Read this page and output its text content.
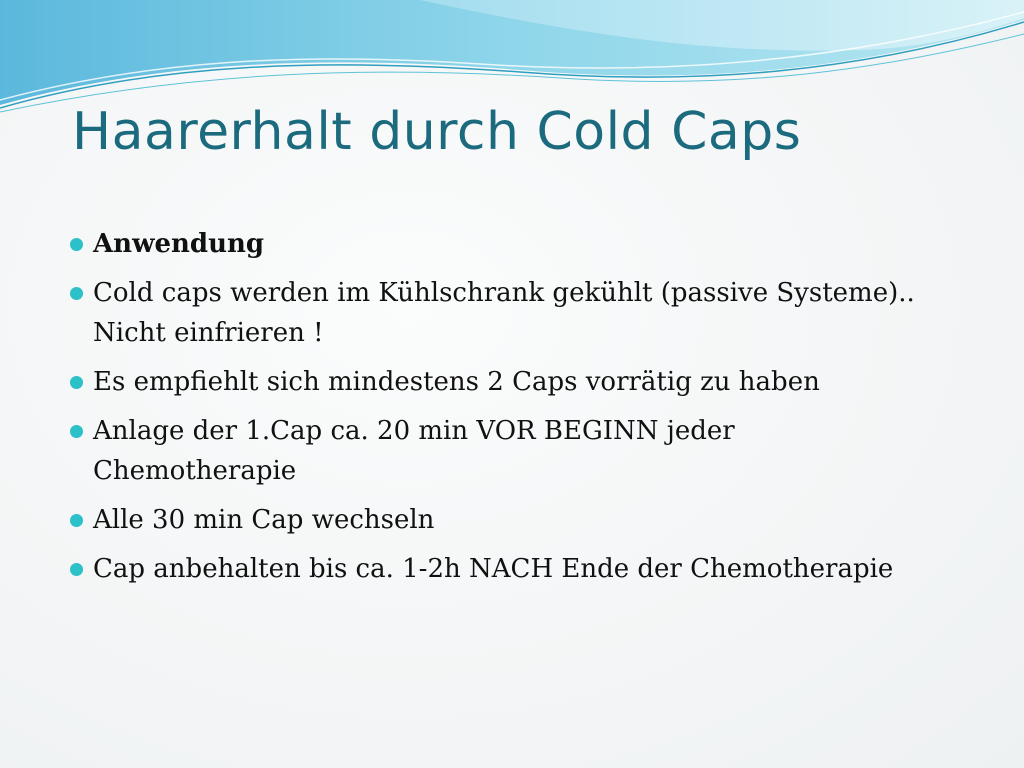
Haarerhalt durch Cold Caps
Anwendung
Cold caps werden im Kühlschrank gekühlt (passive Systeme).. Nicht einfrieren !
Es empfiehlt sich mindestens 2 Caps vorrätig zu haben
Anlage der 1.Cap ca. 20 min VOR BEGINN jeder Chemotherapie
Alle 30 min Cap wechseln
Cap anbehalten bis ca. 1-2h NACH Ende der Chemotherapie
